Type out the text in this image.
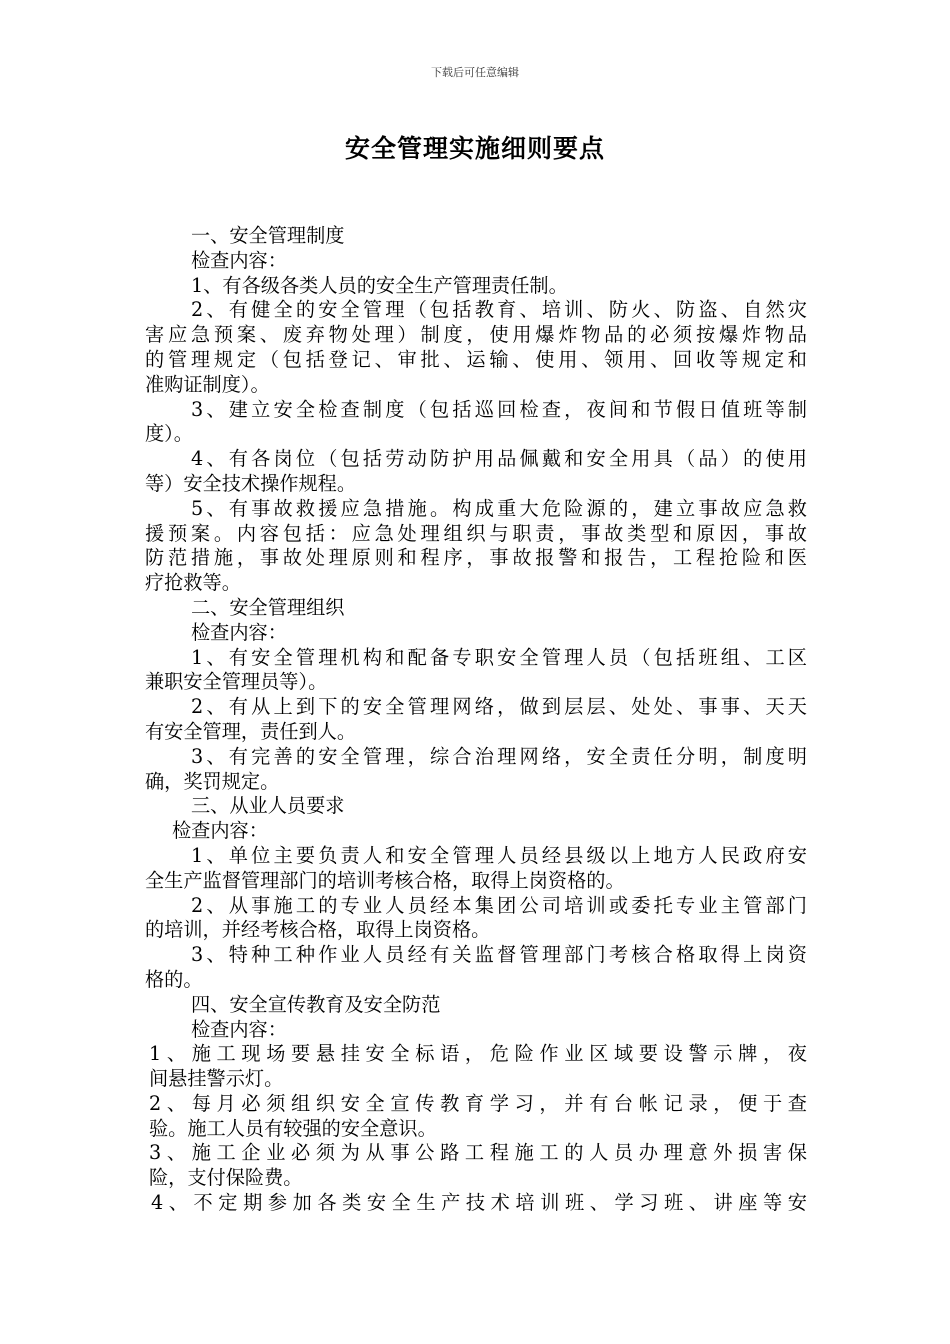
下载后可任意编辑
安全管理实施细则要点
一、安全管理制度
检查内容：
1、有各级各类人员的安全生产管理责任制。
2、有健全的安全管理（包括教育、培训、防火、防盗、自然灾
害应急预案、废弃物处理）制度，使用爆炸物品的必须按爆炸物品
的管理规定（包括登记、审批、运输、使用、领用、回收等规定和
准购证制度）。
3、建立安全检查制度（包括巡回检查，夜间和节假日值班等制
度）。
4、有各岗位（包括劳动防护用品佩戴和安全用具（品）的使用
等）安全技术操作规程。
5、有事故救援应急措施。构成重大危险源的，建立事故应急救
援预案。内容包括：应急处理组织与职责，事故类型和原因，事故
防范措施，事故处理原则和程序，事故报警和报告，工程抢险和医
疗抢救等。
二、安全管理组织
检查内容：
1、有安全管理机构和配备专职安全管理人员（包括班组、工区
兼职安全管理员等）。
2、有从上到下的安全管理网络，做到层层、处处、事事、天天
有安全管理，责任到人。
3、有完善的安全管理，综合治理网络，安全责任分明，制度明
确，奖罚规定。
三、从业人员要求
检查内容：
1、单位主要负责人和安全管理人员经县级以上地方人民政府安
全生产监督管理部门的培训考核合格，取得上岗资格的。
2、从事施工的专业人员经本集团公司培训或委托专业主管部门
的培训，并经考核合格，取得上岗资格。
3、特种工种作业人员经有关监督管理部门考核合格取得上岗资
格的。
四、安全宣传教育及安全防范
检查内容：
1、施工现场要悬挂安全标语，危险作业区域要设警示牌，夜
间悬挂警示灯。
2、每月必须组织安全宣传教育学习，并有台帐记录，便于查
验。施工人员有较强的安全意识。
3、施工企业必须为从事公路工程施工的人员办理意外损害保
险，支付保险费。
4、不定期参加各类安全生产技术培训班、学习班、讲座等安
